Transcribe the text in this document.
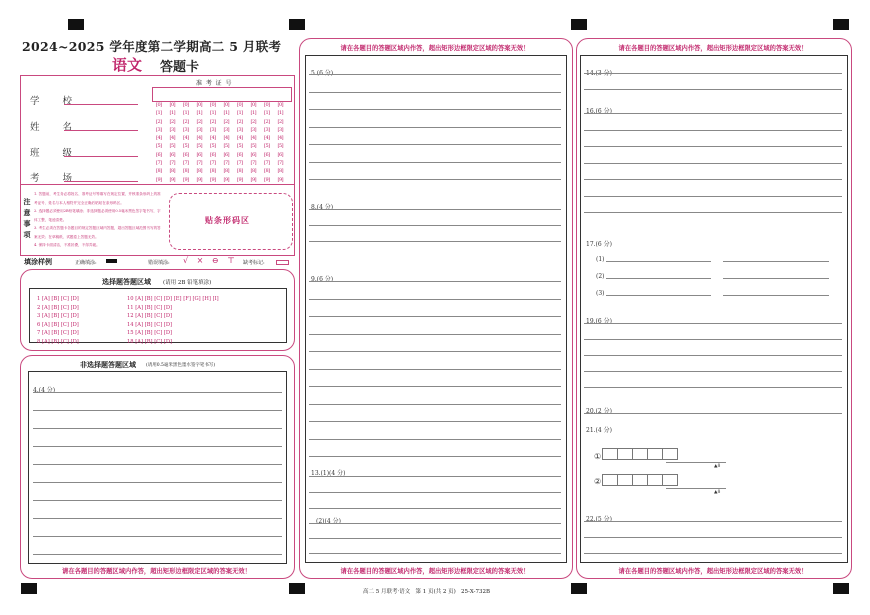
2024~2025 学年度第二学期高二 5 月联考
语文 答题卡
学 校
姓 名
班 级
考 场
准  考  证  号
[0]	[0]	[0]	[0]	[0]	[0]	[0]	[0]	[0]	[0]
[1]	[1]	[1]	[1]	[1]	[1]	[1]	[1]	[1]	[1]
[2]	[2]	[2]	[2]	[2]	[2]	[2]	[2]	[2]	[2]
[3]	[3]	[3]	[3]	[3]	[3]	[3]	[3]	[3]	[3]
[4]	[4]	[4]	[4]	[4]	[4]	[4]	[4]	[4]	[4]
[5]	[5]	[5]	[5]	[5]	[5]	[5]	[5]	[5]	[5]
[6]	[6]	[6]	[6]	[6]	[6]	[6]	[6]	[6]	[6]
[7]	[7]	[7]	[7]	[7]	[7]	[7]	[7]	[7]	[7]
[8]	[8]	[8]	[8]	[8]	[8]	[8]	[8]	[8]	[8]
[9]	[9]	[9]	[9]	[9]	[9]	[9]	[9]	[9]	[9]
注意事项
1. 答题前，考生务必将姓名、准考证号等填写在规定位置，并核准条形码上的准考证号、姓名与本人相符并完全正确后粘贴在条形码区。
2. 选择题必须使用2B铅笔填涂；非选择题必须使用0.5毫米黑色签字笔书写，字体工整，笔迹清楚。
3. 考生必须在答题卡各题目的规定答题区域内答题，超出答题区域范围书写的答案无效；在草稿纸、试题卷上答题无效。
4. 保持卡面清洁，不准折叠，不得弄破。
贴条形码区
填涂样例	正确填涂:	错误填涂: √ × ⊖ ⊤ 缺考标记:
选择题答题区域 (请用 2B 铅笔填涂)
1 [A] [B] [C] [D]
2 [A] [B] [C] [D]
3 [A] [B] [C] [D]
6 [A] [B] [C] [D]
7 [A] [B] [C] [D]
8 [A] [B] [C] [D]
10 [A] [B] [C] [D] [E] [F] [G] [H] [I]
11 [A] [B] [C] [D]
12 [A] [B] [C] [D]
14 [A] [B] [C] [D]
15 [A] [B] [C] [D]
18 [A] [B] [C] [D]
非选择题答题区域 (请用0.5毫米黑色墨水签字笔书写)
4.(4 分)
请在各题目的答题区域内作答，超出矩形边框限定区域的答案无效！
请在各题目的答题区域内作答，超出矩形边框限定区域的答案无效！
5.(6 分)
8.(4 分)
9.(6 分)
13.(1)(4 分)
(2)(4 分)
请在各题目的答题区域内作答，超出矩形边框限定区域的答案无效！
请在各题目的答题区域内作答，超出矩形边框限定区域的答案无效！
14.(3 分)
16.(6 分)
17.(6 分)
(1)
(2)
(3)
19.(6 分)
20.(2 分)
21.(4 分)
①
②
▲8
▲8
22.(5 分)
请在各题目的答题区域内作答，超出矩形边框限定区域的答案无效！
高二 5 月联考·语文   第 1 页(共 2 页)   25-X-732B
